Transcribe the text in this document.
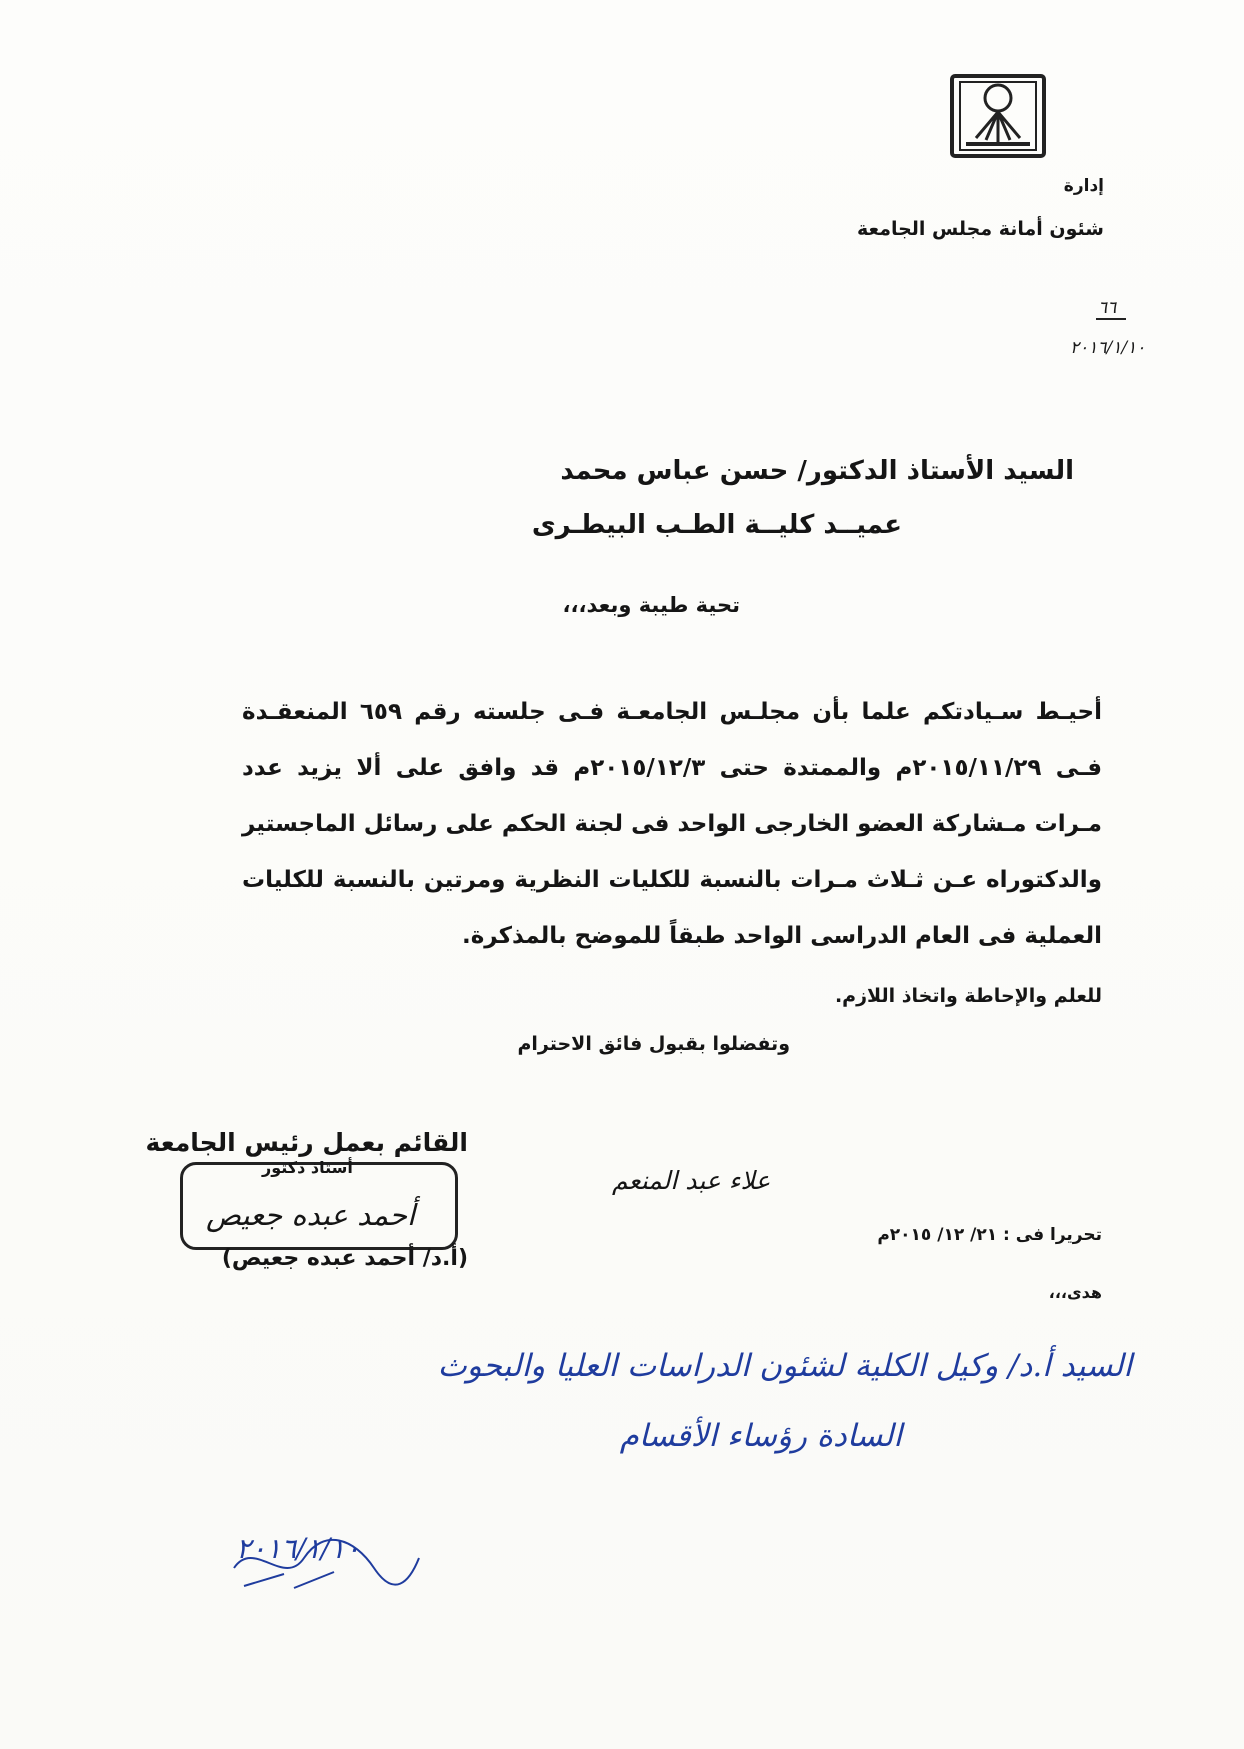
إدارة
شئون أمانة مجلس الجامعة
٦٦
٢٠١٦/١/١٠
السيد الأستاذ الدكتور/ حسن عباس محمد
عميــد كليــة الطـب البيطـرى
تحية طيبة وبعد،،،
أحيـط سـيادتكم علما بأن مجلـس الجامعـة فـى جلسته رقم ٦٥٩ المنعقـدة فـى ٢٠١٥/١١/٢٩م والممتدة حتى ٢٠١٥/١٢/٣م قد وافق على ألا يزيد عدد مـرات مـشاركة العضو الخارجى الواحد فى لجنة الحكم على رسائل الماجستير والدكتوراه عـن ثـلاث مـرات بالنسبة للكليات النظرية ومرتين بالنسبة للكليات العملية فى العام الدراسى الواحد طبقاً للموضح بالمذكرة.
للعلم والإحاطة واتخاذ اللازم.
وتفضلوا بقبول فائق الاحترام
القائم بعمل رئيس الجامعة
أستاذ دكتور
أحمد عبده جعيص
(أ.د/ أحمد عبده جعيص)
علاء عبد المنعم
تحريرا فى : ٢١/ ١٢/ ٢٠١٥م
هدى،،،
السيد أ.د/ وكيل الكلية لشئون الدراسات العليا والبحوث
السادة رؤساء الأقسام
٢٠١٦/١/١٠
